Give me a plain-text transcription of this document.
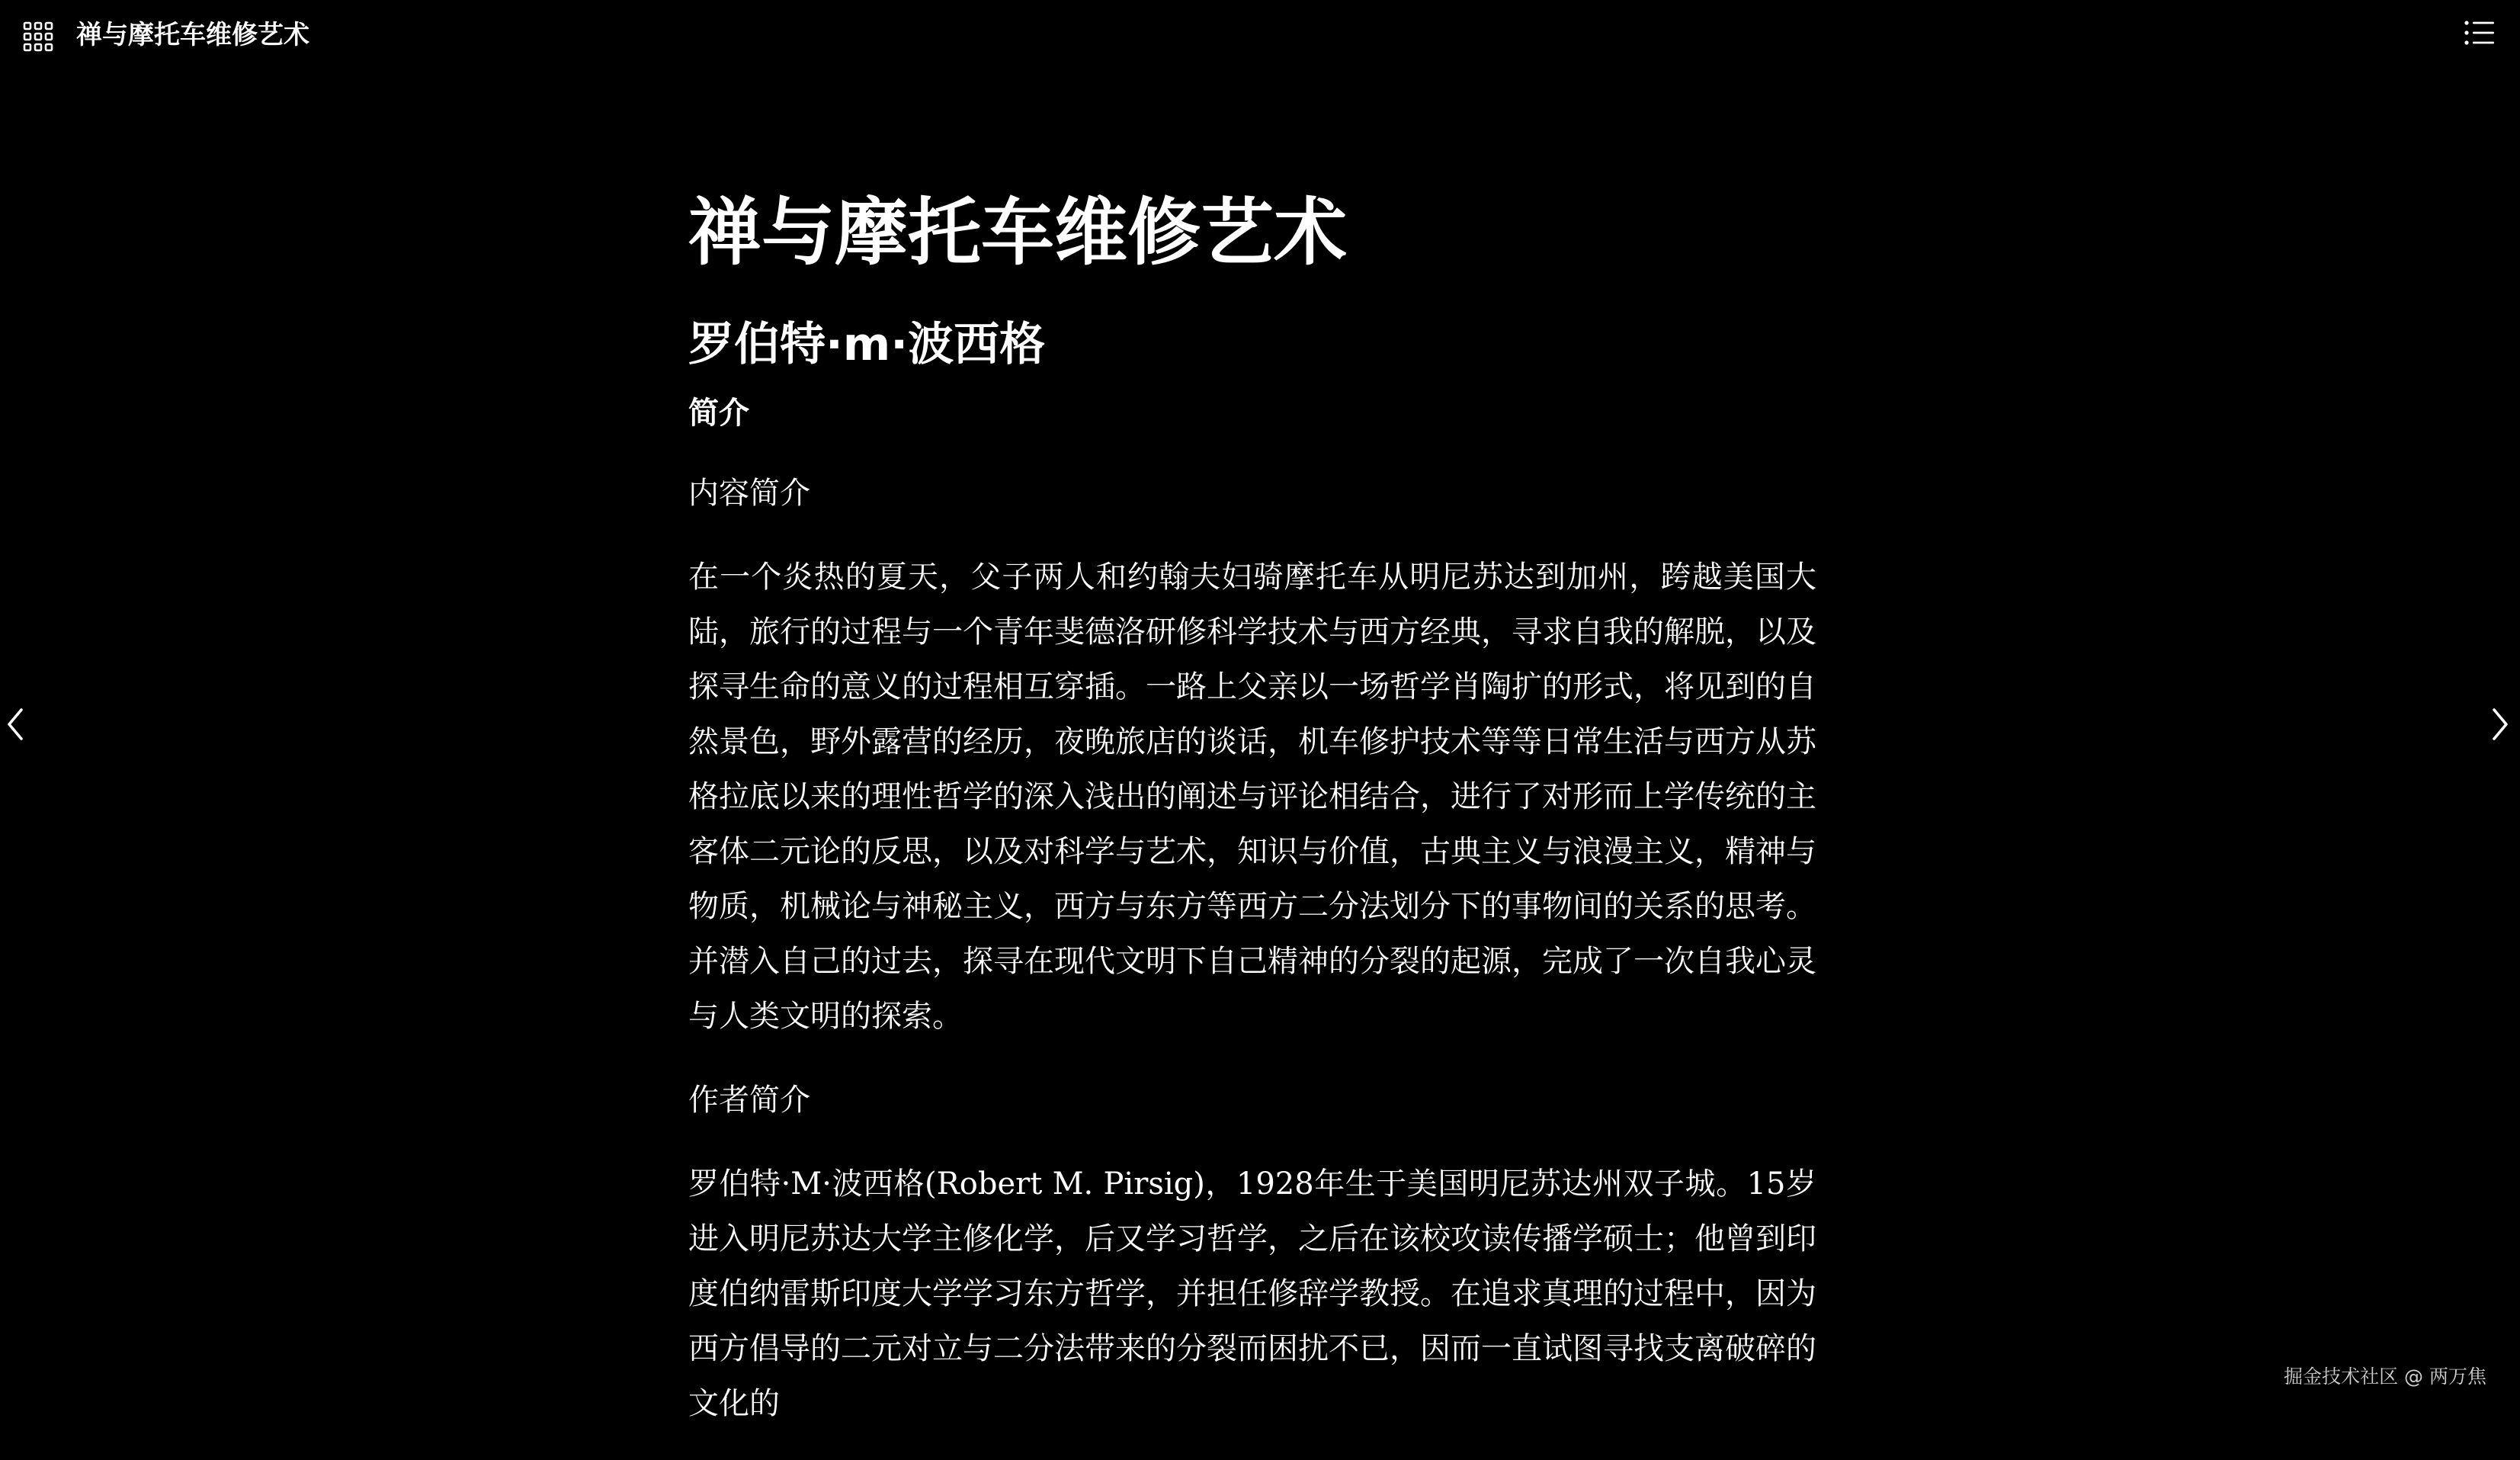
禅与摩托车维修艺术
禅与摩托车维修艺术
罗伯特·m·波西格
简介

内容简介

在一个炎热的夏天，父子两人和约翰夫妇骑摩托车从明尼苏达到加州，跨越美国大陆，旅行的过程与一个青年斐德洛研修科学技术与西方经典，寻求自我的解脱，以及探寻生命的意义的过程相互穿插。一路上父亲以一场哲学肖陶扩的形式，将见到的自然景色，野外露营的经历，夜晚旅店的谈话，机车修护技术等等日常生活与西方从苏格拉底以来的理性哲学的深入浅出的阐述与评论相结合，进行了对形而上学传统的主客体二元论的反思，以及对科学与艺术，知识与价值，古典主义与浪漫主义，精神与物质，机械论与神秘主义，西方与东方等西方二分法划分下的事物间的关系的思考。并潜入自己的过去，探寻在现代文明下自己精神的分裂的起源，完成了一次自我心灵与人类文明的探索。

作者简介

罗伯特·M·波西格(Robert M. Pirsig)，1928年生于美国明尼苏达州双子城。15岁进入明尼苏达大学主修化学，后又学习哲学，之后在该校攻读传播学硕士；他曾到印度伯纳雷斯印度大学学习东方哲学，并担任修辞学教授。在追求真理的过程中，因为西方倡导的二元对立与二分法带来的分裂而困扰不已，因而一直试图寻找支离破碎的文化的	掘金技术社区 @ 两万焦
